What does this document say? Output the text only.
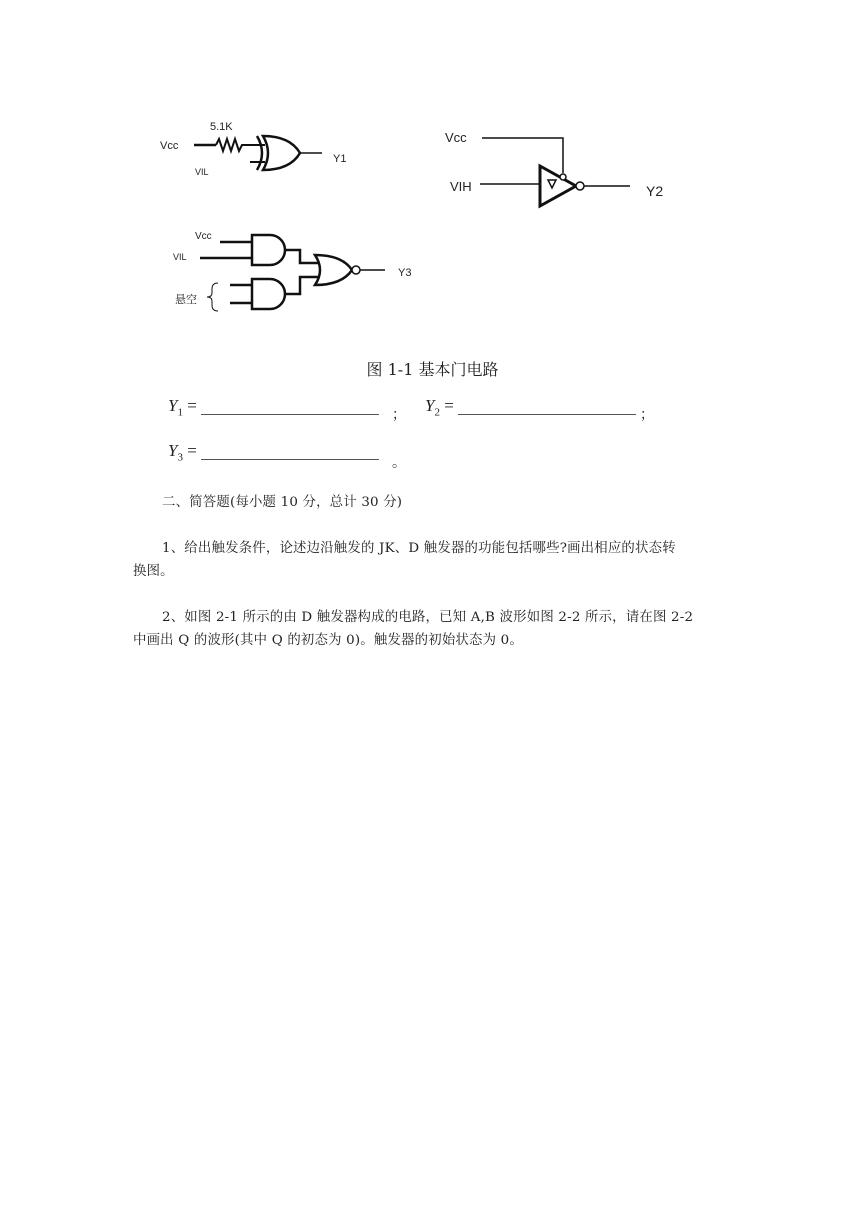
5.1K
Vcc
VIL
Y1
Vcc
VIH	Y2
Vcc
VIL
悬空
Y3
图 1-1 基本门电路
$Y_1$ =	； $Y_2$ =	；
$Y_3$ =
。
二、简答题(每小题 10 分，总计 30 分)
1、给出触发条件，论述边沿触发的 JK、D 触发器的功能包括哪些?画出相应的状态转
换图。
2、如图 2-1 所示的由 D 触发器构成的电路，已知 A,B 波形如图 2-2 所示，请在图 2-2
中画出 Q 的波形(其中 Q 的初态为 0)。触发器的初始状态为 0。
